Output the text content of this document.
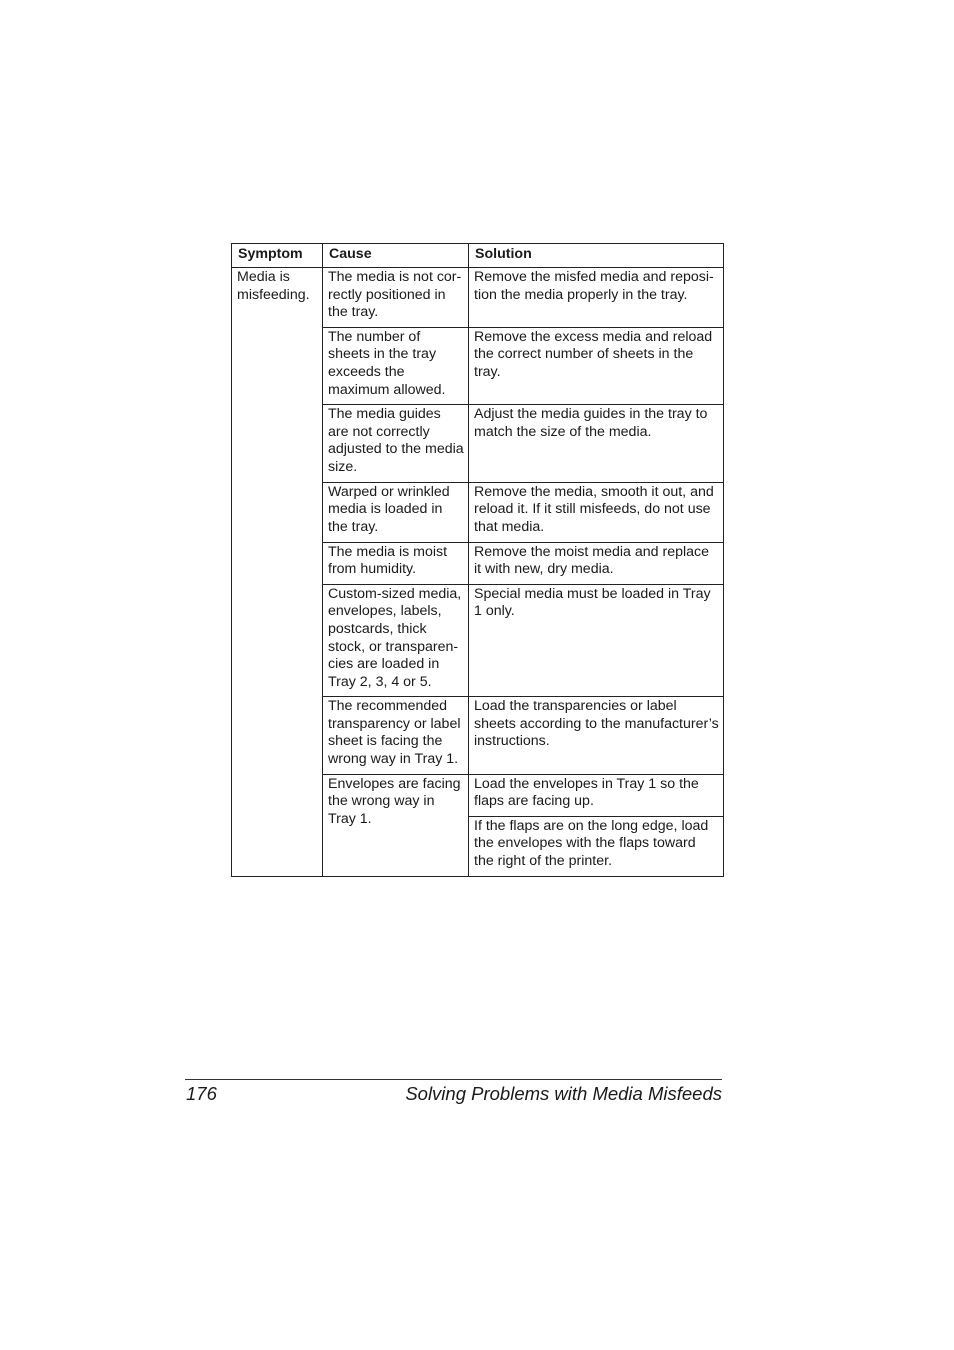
Symptom	Cause	Solution
Media is misfeeding.	The media is not cor-rectly positioned in the tray.	Remove the misfed media and reposi-tion the media properly in the tray.
	The number of sheets in the tray exceeds the maximum allowed.	Remove the excess media and reload the correct number of sheets in the tray.
	The media guides are not correctly adjusted to the media size.	Adjust the media guides in the tray to match the size of the media.
	Warped or wrinkled media is loaded in the tray.	Remove the media, smooth it out, and reload it. If it still misfeeds, do not use that media.
	The media is moist from humidity.	Remove the moist media and replace it with new, dry media.
	Custom-sized media, envelopes, labels, postcards, thick stock, or transparen-cies are loaded in Tray 2, 3, 4 or 5.	Special media must be loaded in Tray 1 only.
	The recommended transparency or label sheet is facing the wrong way in Tray 1.	Load the transparencies or label sheets according to the manufacturer’s instructions.
	Envelopes are facing the wrong way in Tray 1.	Load the envelopes in Tray 1 so the flaps are facing up.
		If the flaps are on the long edge, load the envelopes with the flaps toward the right of the printer.
176	Solving Problems with Media Misfeeds
